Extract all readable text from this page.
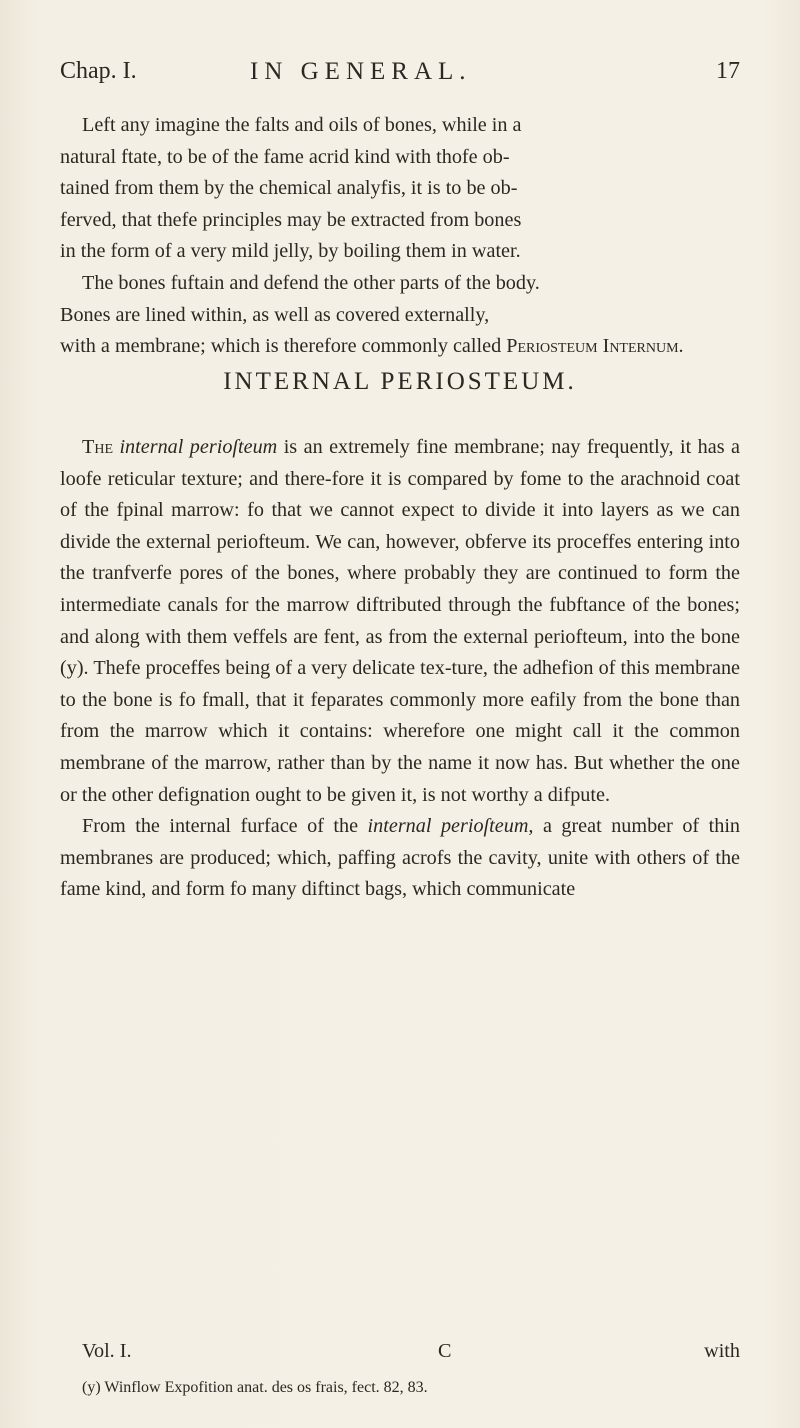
Chap. I.	IN GENERAL.	17

Left any imagine the falts and oils of bones, while in a

natural ftate, to be of the fame acrid kind with thofe ob-

tained from them by the chemical analyfis, it is to be ob-

ferved, that thefe principles may be extracted from bones

in the form of a very mild jelly, by boiling them in water.

The bones fuftain and defend the other parts of the body.

Bones are lined within, as well as covered externally,

with a membrane; which is therefore commonly called Periosteum Internum.

INTERNAL PERIOSTEUM.

The internal perioſteum is an extremely fine membrane; nay frequently, it has a loofe reticular texture; and there-fore it is compared by fome to the arachnoid coat of the fpinal marrow: fo that we cannot expect to divide it into layers as we can divide the external periofteum. We can, however, obferve its proceffes entering into the tranfverfe pores of the bones, where probably they are continued to form the intermediate canals for the marrow diftributed through the fubftance of the bones; and along with them veffels are fent, as from the external periofteum, into the bone (y). Thefe proceffes being of a very delicate tex-ture, the adhefion of this membrane to the bone is fo fmall, that it feparates commonly more eafily from the bone than from the marrow which it contains: wherefore one might call it the common membrane of the marrow, rather than by the name it now has. But whether the one or the other defignation ought to be given it, is not worthy a difpute.

From the internal furface of the internal perioſteum, a great number of thin membranes are produced; which, paffing acrofs the cavity, unite with others of the fame kind, and form fo many diftinct bags, which communicate

Vol. I.	C	with
(y) Winflow Expofition anat. des os frais, fect. 82, 83.
